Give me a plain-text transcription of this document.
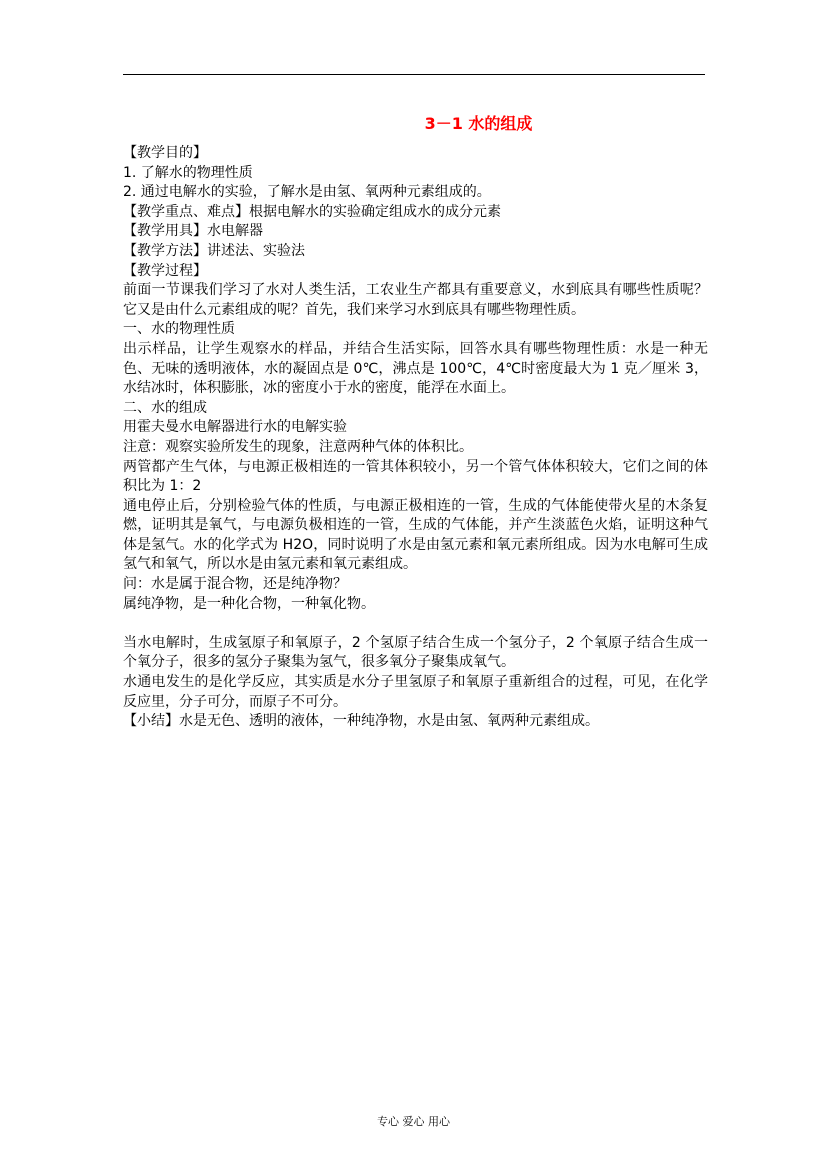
3－1 水的组成

【教学目的】

1. 了解水的物理性质

2. 通过电解水的实验，了解水是由氢、氧两种元素组成的。

【教学重点、难点】根据电解水的实验确定组成水的成分元素

【教学用具】水电解器

【教学方法】讲述法、实验法

【教学过程】

前面一节课我们学习了水对人类生活，工农业生产都具有重要意义，水到底具有哪些性质呢？它又是由什么元素组成的呢？首先，我们来学习水到底具有哪些物理性质。

一、水的物理性质

出示样品，让学生观察水的样品，并结合生活实际，回答水具有哪些物理性质：水是一种无色、无味的透明液体，水的凝固点是 0℃，沸点是 100℃，4℃时密度最大为 1 克／厘米 3，水结冰时，体积膨胀，冰的密度小于水的密度，能浮在水面上。

二、水的组成

用霍夫曼水电解器进行水的电解实验

注意：观察实验所发生的现象，注意两种气体的体积比。

两管都产生气体，与电源正极相连的一管其体积较小，另一个管气体体积较大，它们之间的体积比为 1：2

通电停止后，分别检验气体的性质，与电源正极相连的一管，生成的气体能使带火星的木条复燃，证明其是氧气，与电源负极相连的一管，生成的气体能，并产生淡蓝色火焰，证明这种气体是氢气。水的化学式为 H2O，同时说明了水是由氢元素和氧元素所组成。因为水电解可生成氢气和氧气，所以水是由氢元素和氧元素组成。

问：水是属于混合物，还是纯净物？

属纯净物，是一种化合物，一种氧化物。

当水电解时，生成氢原子和氧原子，2 个氢原子结合生成一个氢分子，2 个氧原子结合生成一个氧分子，很多的氢分子聚集为氢气，很多氧分子聚集成氧气。

水通电发生的是化学反应，其实质是水分子里氢原子和氧原子重新组合的过程，可见，在化学反应里，分子可分，而原子不可分。

【小结】水是无色、透明的液体，一种纯净物，水是由氢、氧两种元素组成。

专心 爱心 用心
